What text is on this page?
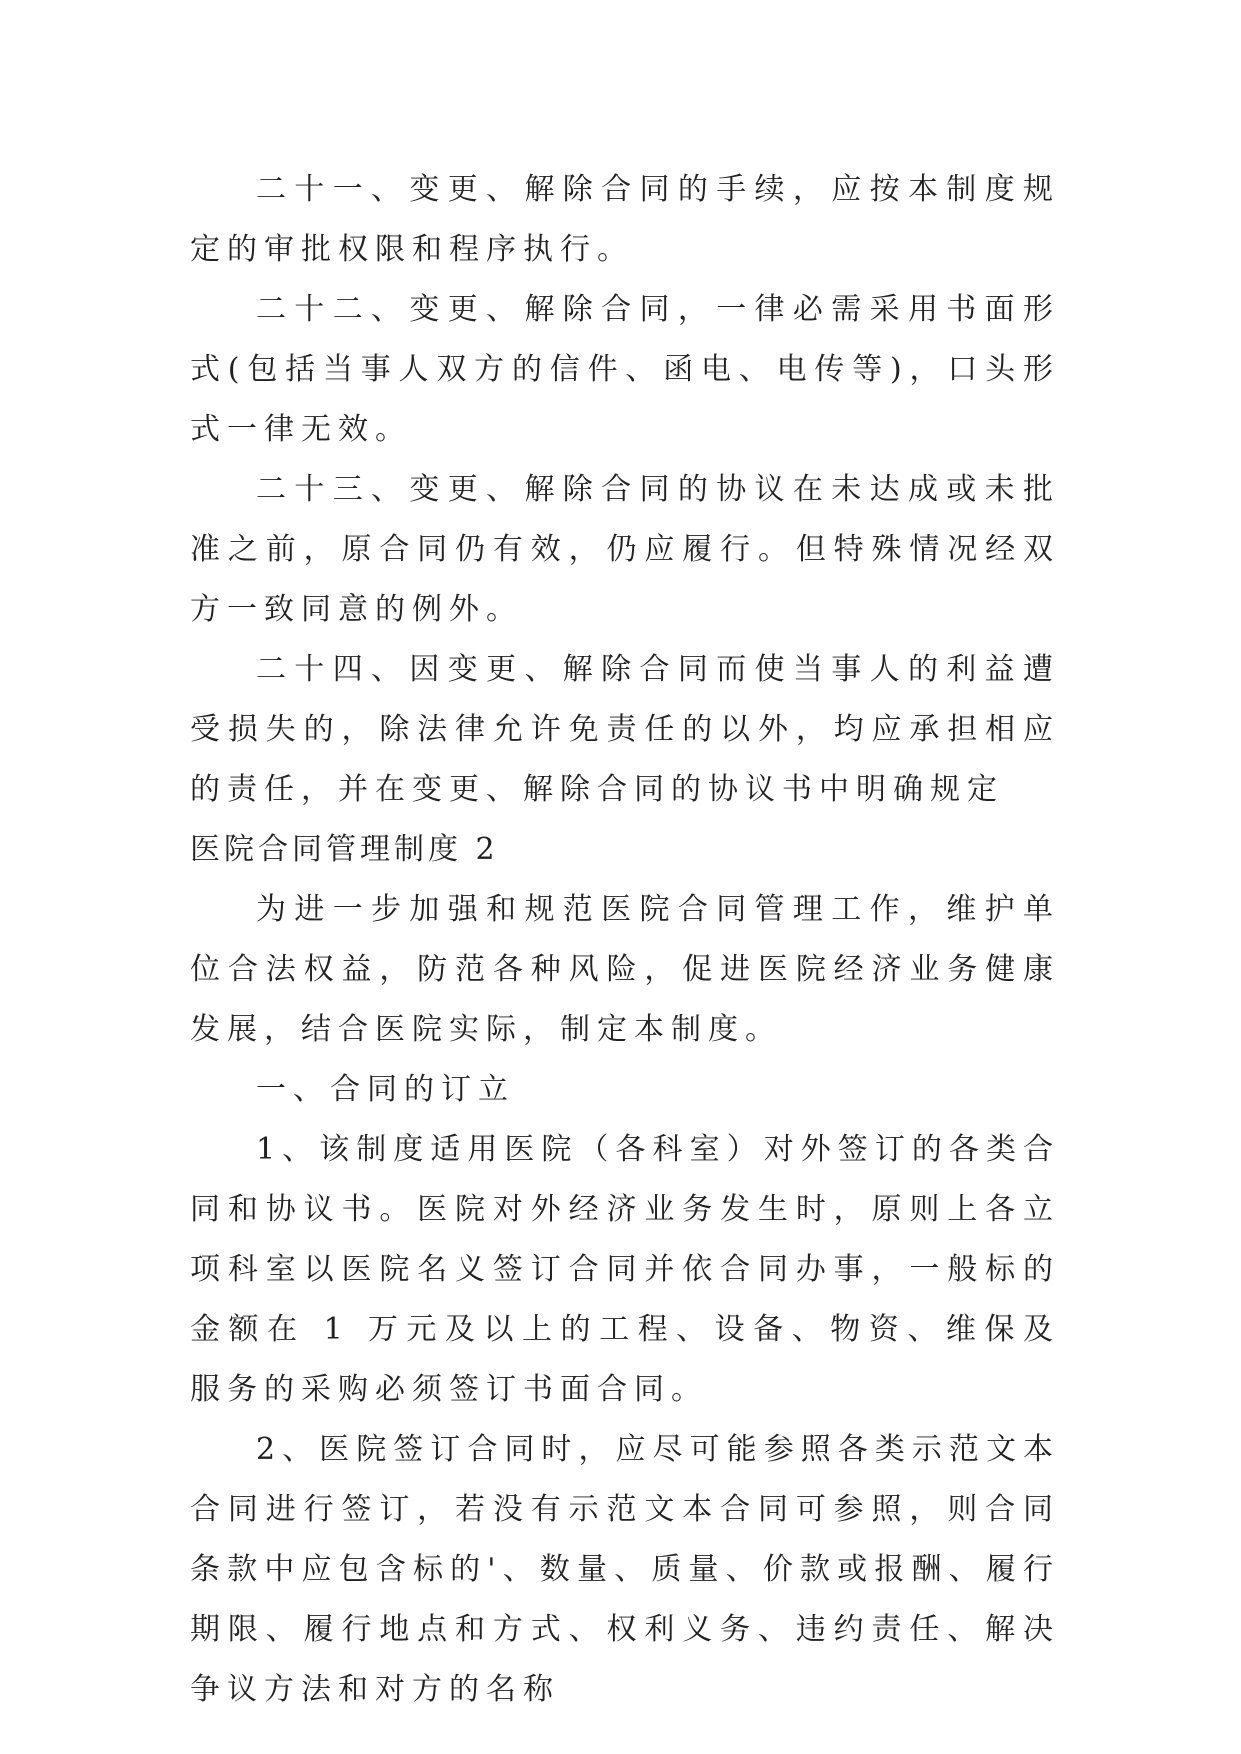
二十一、变更、解除合同的手续，应按本制度规定的审批权限和程序执行。

二十二、变更、解除合同，一律必需采用书面形式(包括当事人双方的信件、函电、电传等)，口头形式一律无效。

二十三、变更、解除合同的协议在未达成或未批准之前，原合同仍有效，仍应履行。但特殊情况经双方一致同意的例外。

二十四、因变更、解除合同而使当事人的利益遭受损失的，除法律允许免责任的以外，均应承担相应的责任，并在变更、解除合同的协议书中明确规定

医院合同管理制度 2

为进一步加强和规范医院合同管理工作，维护单位合法权益，防范各种风险，促进医院经济业务健康发展，结合医院实际，制定本制度。

一、合同的订立

1、该制度适用医院（各科室）对外签订的各类合同和协议书。医院对外经济业务发生时，原则上各立项科室以医院名义签订合同并依合同办事，一般标的金额在 1 万元及以上的工程、设备、物资、维保及服务的采购必须签订书面合同。

2、医院签订合同时，应尽可能参照各类示范文本合同进行签订，若没有示范文本合同可参照，则合同条款中应包含标的'、数量、质量、价款或报酬、履行期限、履行地点和方式、权利义务、违约责任、解决争议方法和对方的名称
